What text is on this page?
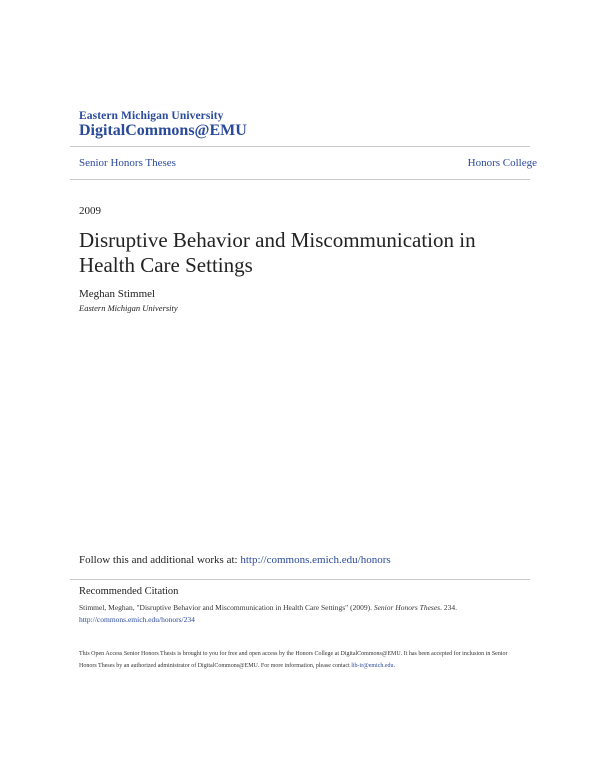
Eastern Michigan University
DigitalCommons@EMU
Senior Honors Theses	Honors College
2009
Disruptive Behavior and Miscommunication in Health Care Settings
Meghan Stimmel
Eastern Michigan University
Follow this and additional works at: http://commons.emich.edu/honors
Recommended Citation
Stimmel, Meghan, "Disruptive Behavior and Miscommunication in Health Care Settings" (2009). Senior Honors Theses. 234.
http://commons.emich.edu/honors/234
This Open Access Senior Honors Thesis is brought to you for free and open access by the Honors College at DigitalCommons@EMU. It has been accepted for inclusion in Senior Honors Theses by an authorized administrator of DigitalCommons@EMU. For more information, please contact lib-ir@emich.edu.
